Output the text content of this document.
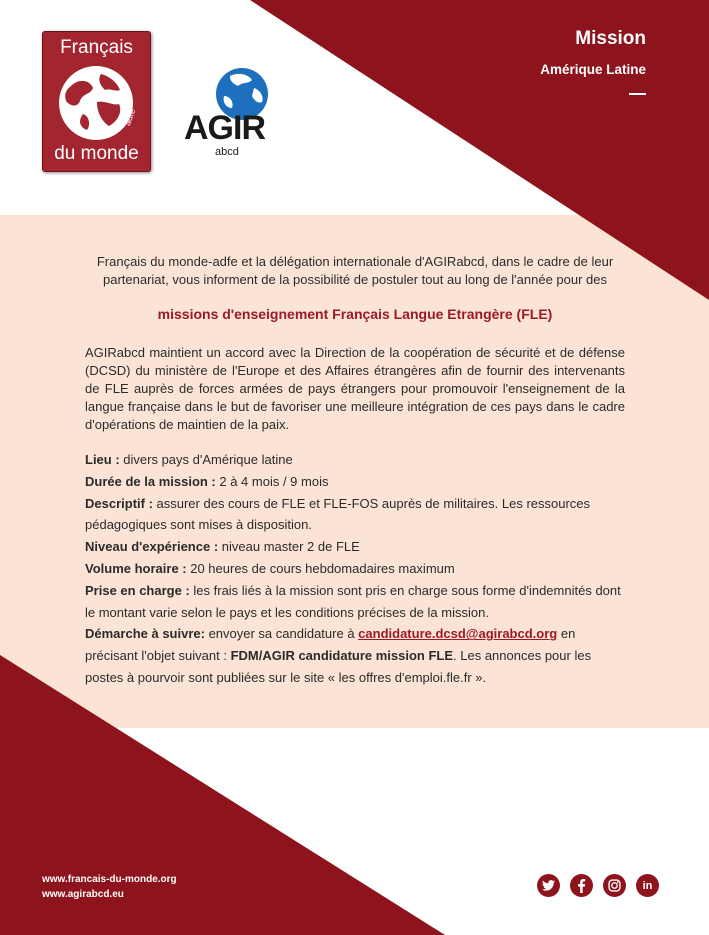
Mission
Amérique Latine
Français
adfe
du monde
AGIR
abcd
Français du monde-adfe et la délégation internationale d'AGIRabcd, dans le cadre de leur partenariat, vous informent de la possibilité de postuler tout au long de l'année pour des
missions d'enseignement Français Langue Etrangère (FLE)
AGIRabcd maintient un accord avec la Direction de la coopération de sécurité et de défense (DCSD) du ministère de l'Europe et des Affaires étrangères afin de fournir des intervenants de FLE auprès de forces armées de pays étrangers pour promouvoir l'enseignement de la langue française dans le but de favoriser une meilleure intégration de ces pays dans le cadre d'opérations de maintien de la paix.
Lieu : divers pays d'Amérique latine
Durée de la mission : 2 à 4 mois / 9 mois
Descriptif : assurer des cours de FLE et FLE-FOS auprès de militaires. Les ressources pédagogiques sont mises à disposition.
Niveau d'expérience : niveau master 2 de FLE
Volume horaire : 20 heures de cours hebdomadaires maximum
Prise en charge : les frais liés à la mission sont pris en charge sous forme d'indemnités dont le montant varie selon le pays et les conditions précises de la mission.
Démarche à suivre: envoyer sa candidature à candidature.dcsd@agirabcd.org en précisant l'objet suivant : FDM/AGIR candidature mission FLE. Les annonces pour les postes à pourvoir sont publiées sur le site « les offres d'emploi.fle.fr ».
www.francais-du-monde.org
www.agirabcd.eu
in
